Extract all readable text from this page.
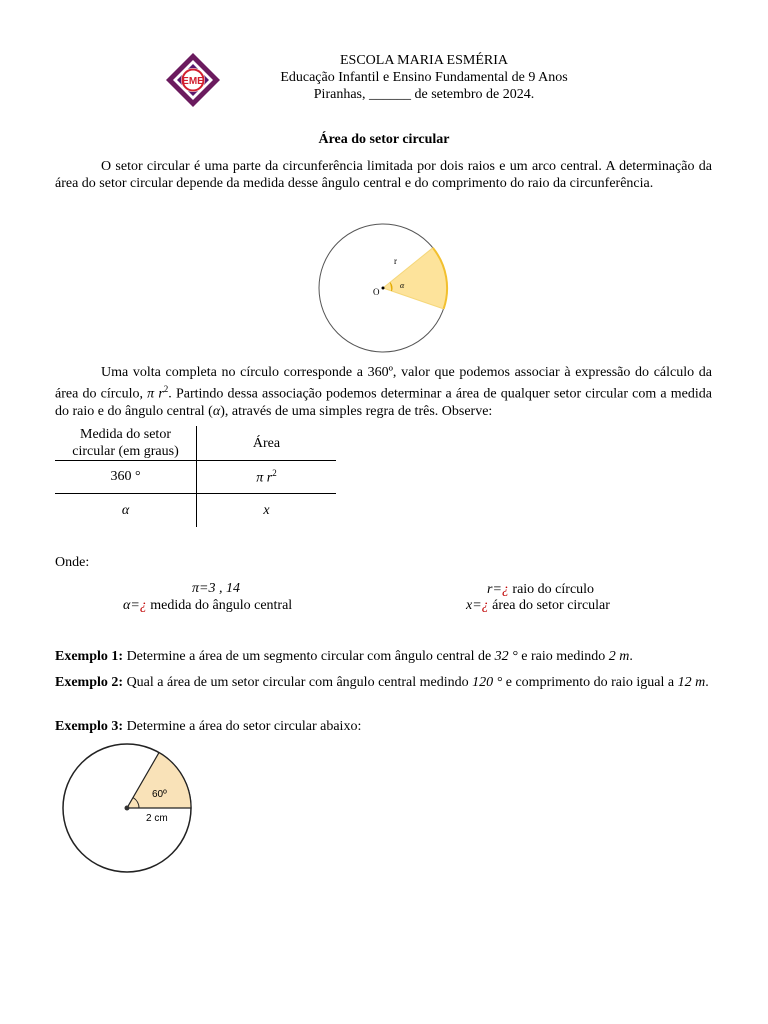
EME
ESCOLA MARIA ESMÉRIA
Educação Infantil e Ensino Fundamental de 9 Anos
Piranhas, ______ de setembro de 2024.
Área do setor circular
O setor circular é uma parte da circunferência limitada por dois raios e um arco central. A determinação da área do setor circular depende da medida desse ângulo central e do comprimento do raio da circunferência.
r
O
α
Uma volta completa no círculo corresponde a 360º, valor que podemos associar à expressão do cálculo da área do círculo, π $r^2$. Partindo dessa associação podemos determinar a área de qualquer setor circular com a medida do raio e do ângulo central (α), através de uma simples regra de três. Observe:
Medida do setor
circular (em graus)	Área
360 °	π $r^2$
α	x
Onde:
π=3 , 14
α=¿ medida do ângulo central
r=¿ raio do círculo
x=¿ área do setor circular
Exemplo 1: Determine a área de um segmento circular com ângulo central de 32 ° e raio medindo 2 m.
Exemplo 2: Qual a área de um setor circular com ângulo central medindo 120 ° e comprimento do raio igual a 12 m.
Exemplo 3: Determine a área do setor circular abaixo:
60º
2 cm
